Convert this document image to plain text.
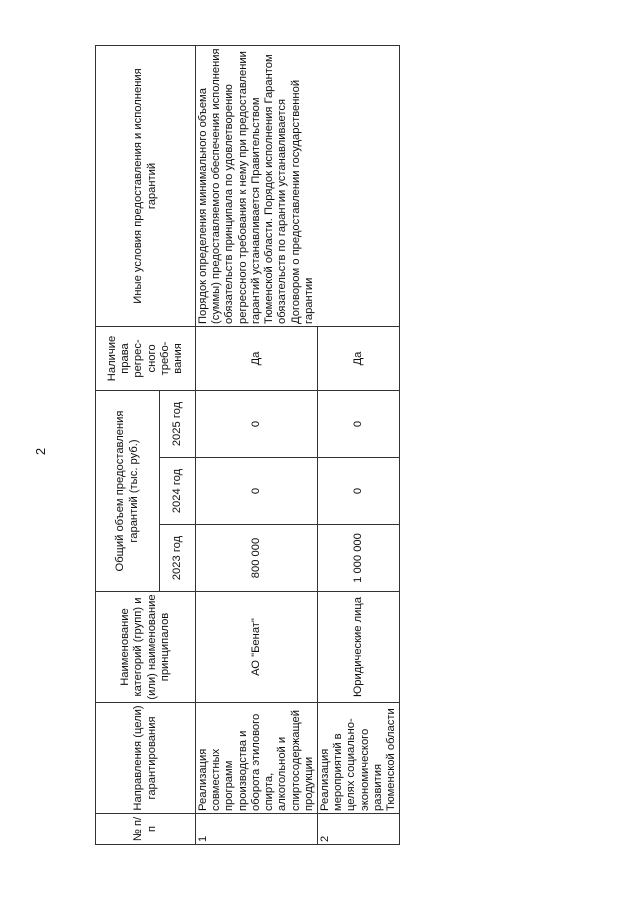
2
№ п/п	Направления (цели) гарантирования	Наименование категорий (групп) и (или) наименование принципалов	Общий объем предоставления гарантий (тыс. руб.)			Наличие права регрес-сного требо-вания	Иные условия предоставления и исполнения гарантий
			2023 год	2024 год	2025 год		
1	Реализация совместных программ производства и оборота этилового спирта, алкогольной и спиртосодержащей продукции	АО "Бенат"	800 000	0	0	Да	Порядок определения минимального объема (суммы) предоставляемого обеспечения исполнения обязательств принципала по удовлетворению регрессного требования к нему при предоставлении гарантий устанавливается Правительством Тюменской области. Порядок исполнения Гарантом обязательств по гарантии устанавливается Договором о предоставлении государственной гарантии
2	Реализация мероприятий в целях социально-экономического развития Тюменской области	Юридические лица	1 000 000	0	0	Да	
